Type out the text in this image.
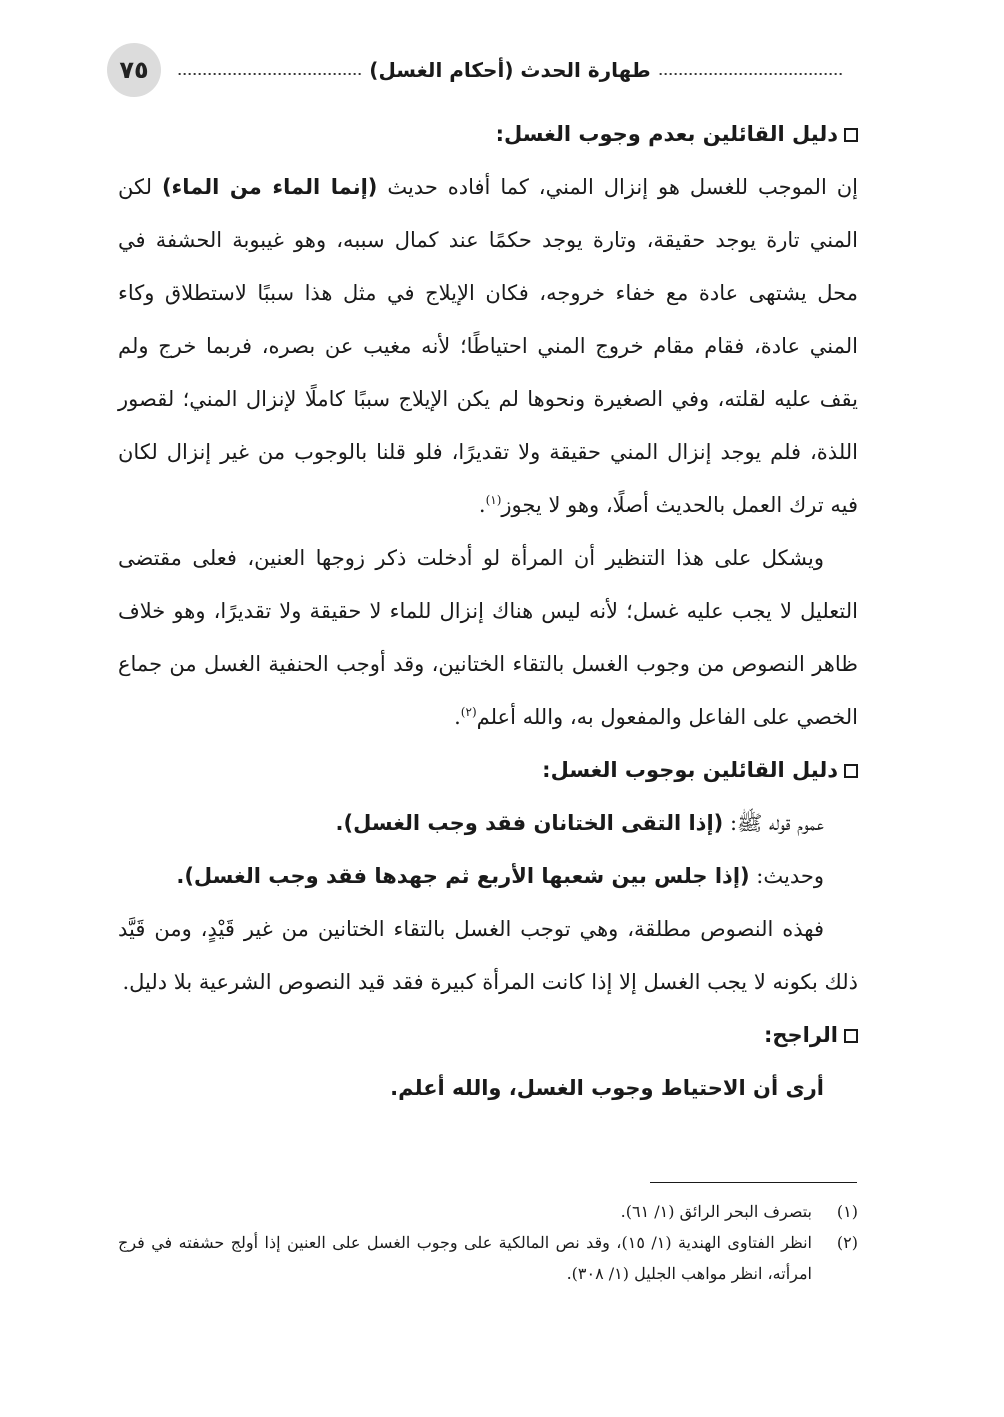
٧٥	طهارة الحدث (أحكام الغسل)
دليل القائلين بعدم وجوب الغسل:

إن الموجب للغسل هو إنزال المني، كما أفاده حديث (إنما الماء من الماء) لكن المني تارة يوجد حقيقة، وتارة يوجد حكمًا عند كمال سببه، وهو غيبوبة الحشفة في محل يشتهى عادة مع خفاء خروجه، فكان الإيلاج في مثل هذا سببًا لاستطلاق وكاء المني عادة، فقام مقام خروج المني احتياطًا؛ لأنه مغيب عن بصره، فربما خرج ولم يقف عليه لقلته، وفي الصغيرة ونحوها لم يكن الإيلاج سببًا كاملًا لإنزال المني؛ لقصور اللذة، فلم يوجد إنزال المني حقيقة ولا تقديرًا، فلو قلنا بالوجوب من غير إنزال لكان فيه ترك العمل بالحديث أصلًا، وهو لا يجوز$^{(١)}$.

ويشكل على هذا التنظير أن المرأة لو أدخلت ذكر زوجها العنين، فعلى مقتضى التعليل لا يجب عليه غسل؛ لأنه ليس هناك إنزال للماء لا حقيقة ولا تقديرًا، وهو خلاف ظاهر النصوص من وجوب الغسل بالتقاء الختانين، وقد أوجب الحنفية الغسل من جماع الخصي على الفاعل والمفعول به، والله أعلم$^{(٢)}$.

دليل القائلين بوجوب الغسل:

عموم قوله ﷺ: (إذا التقى الختانان فقد وجب الغسل).

وحديث: (إذا جلس بين شعبها الأربع ثم جهدها فقد وجب الغسل).

فهذه النصوص مطلقة، وهي توجب الغسل بالتقاء الختانين من غير قَيْدٍ، ومن قَيَّد ذلك بكونه لا يجب الغسل إلا إذا كانت المرأة كبيرة فقد قيد النصوص الشرعية بلا دليل.

الراجح:

أرى أن الاحتياط وجوب الغسل، والله أعلم.

(١)
بتصرف البحر الرائق (١/ ٦١).
(٢)
انظر الفتاوى الهندية (١/ ١٥)، وقد نص المالكية على وجوب الغسل على العنين إذا أولج حشفته في فرج امرأته، انظر مواهب الجليل (١/ ٣٠٨).
